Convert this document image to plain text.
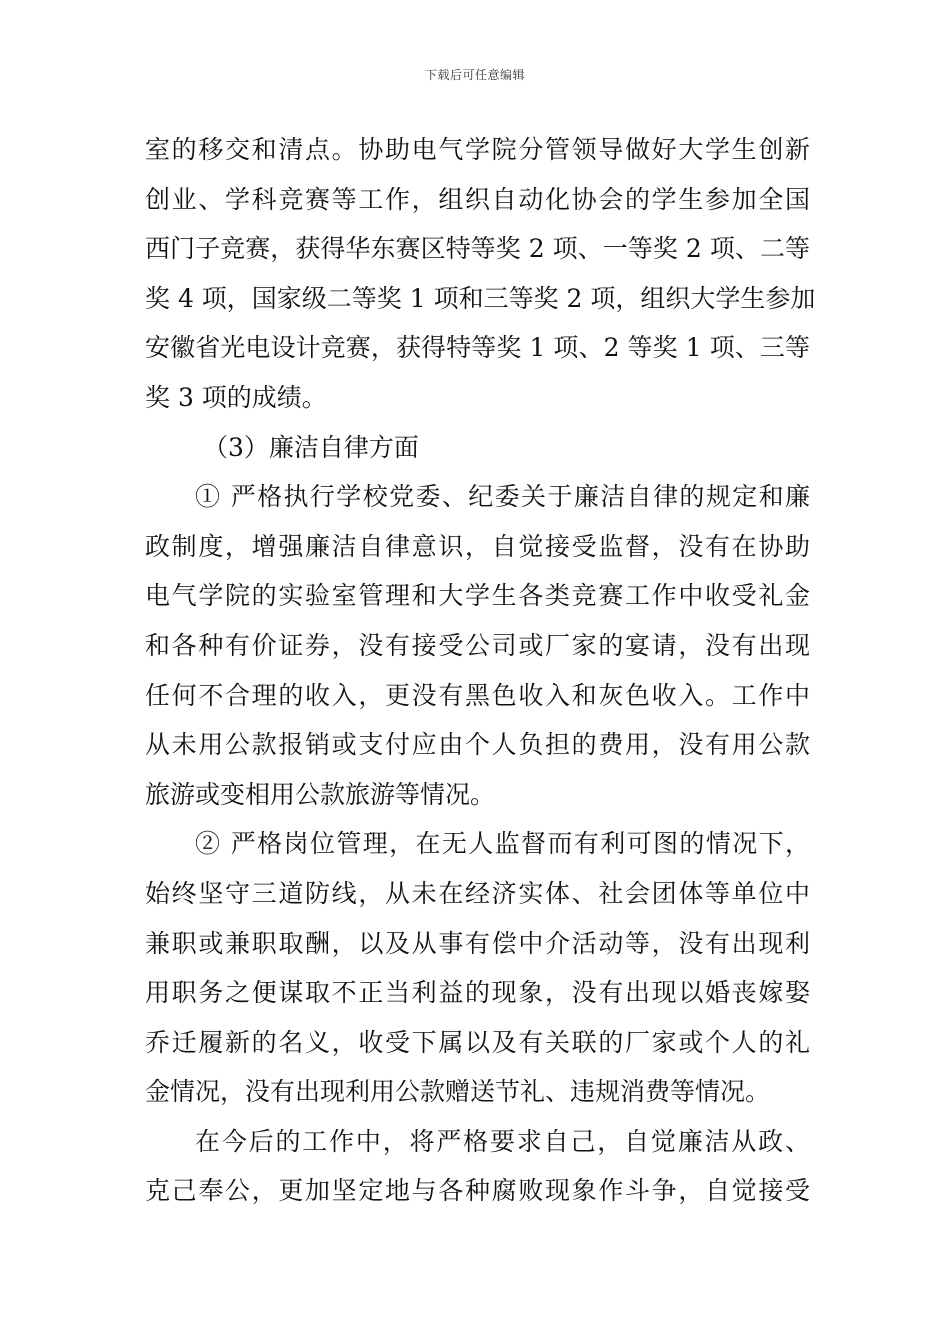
下载后可任意编辑
室的移交和清点。协助电气学院分管领导做好大学生创新
创业、学科竞赛等工作，组织自动化协会的学生参加全国
西门子竞赛，获得华东赛区特等奖 2 项、一等奖 2 项、二等
奖 4 项，国家级二等奖 1 项和三等奖 2 项，组织大学生参加
安徽省光电设计竞赛，获得特等奖 1 项、2 等奖 1 项、三等
奖 3 项的成绩。
（3）廉洁自律方面
① 严格执行学校党委、纪委关于廉洁自律的规定和廉
政制度，增强廉洁自律意识，自觉接受监督，没有在协助
电气学院的实验室管理和大学生各类竞赛工作中收受礼金
和各种有价证券，没有接受公司或厂家的宴请，没有出现
任何不合理的收入，更没有黑色收入和灰色收入。工作中
从未用公款报销或支付应由个人负担的费用，没有用公款
旅游或变相用公款旅游等情况。
② 严格岗位管理，在无人监督而有利可图的情况下，
始终坚守三道防线，从未在经济实体、社会团体等单位中
兼职或兼职取酬，以及从事有偿中介活动等，没有出现利
用职务之便谋取不正当利益的现象，没有出现以婚丧嫁娶
乔迁履新的名义，收受下属以及有关联的厂家或个人的礼
金情况，没有出现利用公款赠送节礼、违规消费等情况。
在今后的工作中，将严格要求自己，自觉廉洁从政、
克己奉公，更加坚定地与各种腐败现象作斗争，自觉接受
